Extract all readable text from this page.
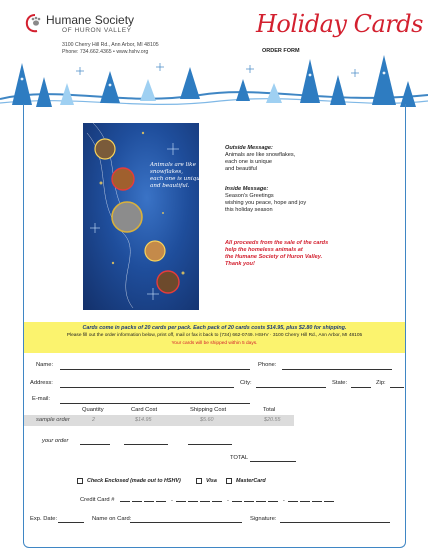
Humane Society
OF HURON VALLEY
3100 Cherry Hill Rd., Ann Arbor, MI 48105
Phone: 734.662.4365 • www.hshv.org
Holiday Cards
ORDER FORM
Animals are like
snowflakes,
each one is unique
and beautiful.
Outside Message:
Animals are like snowflakes,
each one is unique
and beautiful
Inside Message:
Season's Greetings
wishing you peace, hope and joy
this holiday season
All proceeds from the sale of the cards
help the homeless animals at
the Humane Society of Huron Valley.
Thank you!
Cards come in packs of 20 cards per pack. Each pack of 20 cards costs $14.95, plus $2.80 for shipping.
Please fill out the order information below, print off, mail or fax it back to (734) 662-0749. HSHV · 3100 Cherry Hill Rd., Ann Arbor, MI 48105
Your cards will be shipped within 5 days.
Name:	Phone:
Address:	City:	State:	Zip:
E-mail:
Quantity	Card Cost	Shipping Cost	Total
sample order	2	$14.95	$5.60	$20.55
your order
TOTAL
Check Enclosed (made out to HSHV)	Visa	MasterCard
Credit Card #	-	-	-
Exp. Date:	Name on Card:	Signature:
